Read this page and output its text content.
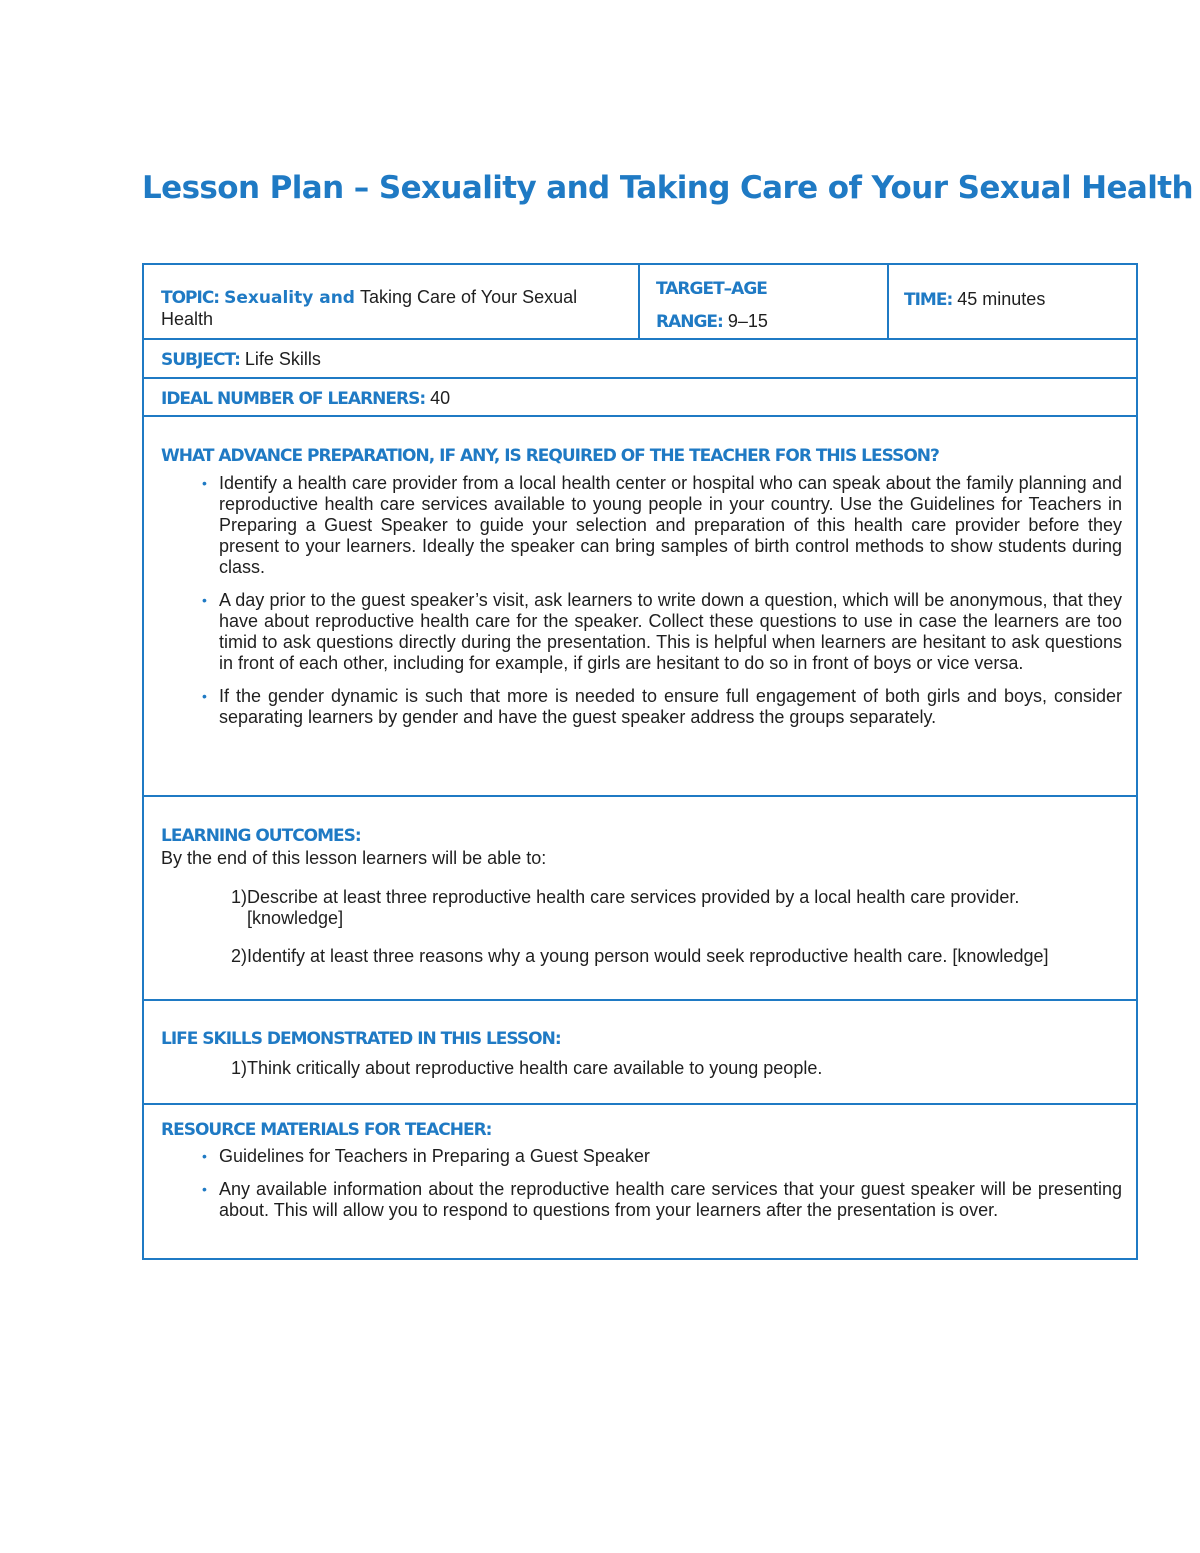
Lesson Plan – Sexuality and Taking Care of Your Sexual Health
TOPIC: Sexuality and Taking Care of Your Sexual Health	
TARGET–AGE
RANGE: 9–15
	TIME: 45 minutes
SUBJECT: Life Skills
IDEAL NUMBER OF LEARNERS: 40

WHAT ADVANCE PREPARATION, IF ANY, IS REQUIRED OF THE TEACHER FOR THIS LESSON?
• Identify a health care provider from a local health center or hospital who can speak about the family planning and reproductive health care services available to young people in your country. Use the Guidelines for Teachers in Preparing a Guest Speaker to guide your selection and preparation of this health care provider before they present to your learners. Ideally the speaker can bring samples of birth control methods to show students during class.
• A day prior to the guest speaker’s visit, ask learners to write down a question, which will be anonymous, that they have about reproductive health care for the speaker. Collect these questions to use in case the learners are too timid to ask questions directly during the presentation. This is helpful when learners are hesitant to ask questions in front of each other, including for example, if girls are hesitant to do so in front of boys or vice versa.
• If the gender dynamic is such that more is needed to ensure full engagement of both girls and boys, consider separating learners by gender and have the guest speaker address the groups separately.

LEARNING OUTCOMES:
By the end of this lesson learners will be able to:
1) Describe at least three reproductive health care services provided by a local health care provider. [knowledge]
2) Identify at least three reasons why a young person would seek reproductive health care. [knowledge]

LIFE SKILLS DEMONSTRATED IN THIS LESSON:
1) Think critically about reproductive health care available to young people.

RESOURCE MATERIALS FOR TEACHER:
• Guidelines for Teachers in Preparing a Guest Speaker
• Any available information about the reproductive health care services that your guest speaker will be presenting about. This will allow you to respond to questions from your learners after the presentation is over.
